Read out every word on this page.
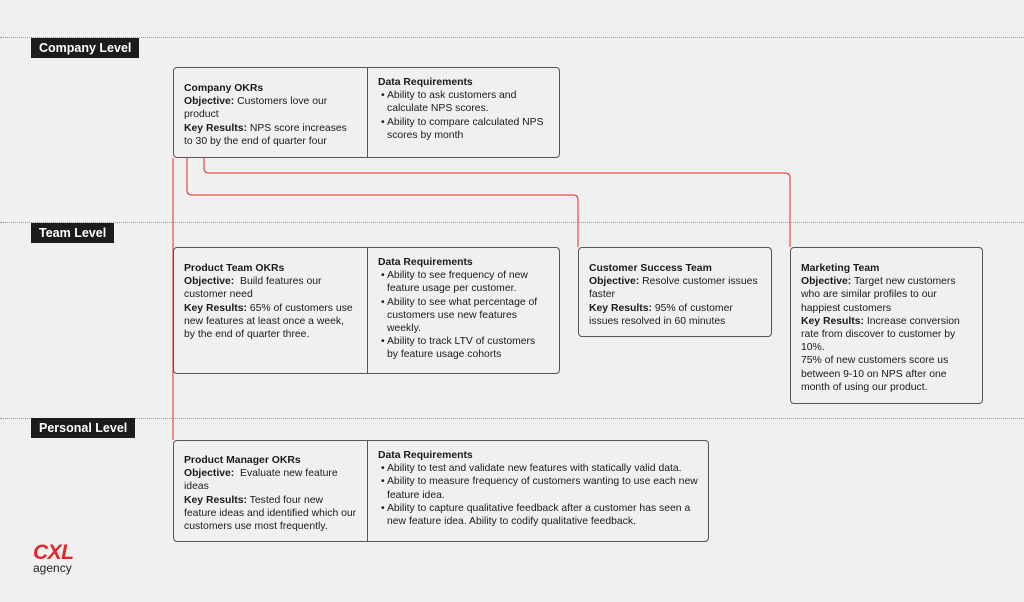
Company Level
Team Level
Personal Level
Company OKRs

Objective: Customers love our product

Key Results: NPS score increases to 30 by the end of quarter four

Data Requirements
• Ability to ask customers and calculate NPS scores.
• Ability to compare calculated NPS scores by month
Product Team OKRs

Objective: Build features our customer need

Key Results: 65% of customers use new features at least once a week, by the end of quarter three.

Data Requirements
• Ability to see frequency of new feature usage per customer.
• Ability to see what percentage of customers use new features weekly.
• Ability to track LTV of customers by feature usage cohorts
Customer Success Team

Objective: Resolve customer issues faster

Key Results: 95% of customer issues resolved in 60 minutes

Marketing Team

Objective: Target new customers who are similar profiles to our happiest customers

Key Results: Increase conversion rate from discover to customer by 10%.

75% of new customers score us between 9-10 on NPS after one month of using our product.

Product Manager OKRs

Objective: Evaluate new feature ideas

Key Results: Tested four new feature ideas and identified which our customers use most frequently.

Data Requirements
• Ability to test and validate new features with statically valid data.
• Ability to measure frequency of customers wanting to use each new feature idea.
• Ability to capture qualitative feedback after a customer has seen a new feature idea. Ability to codify qualitative feedback.
CXL
agency
